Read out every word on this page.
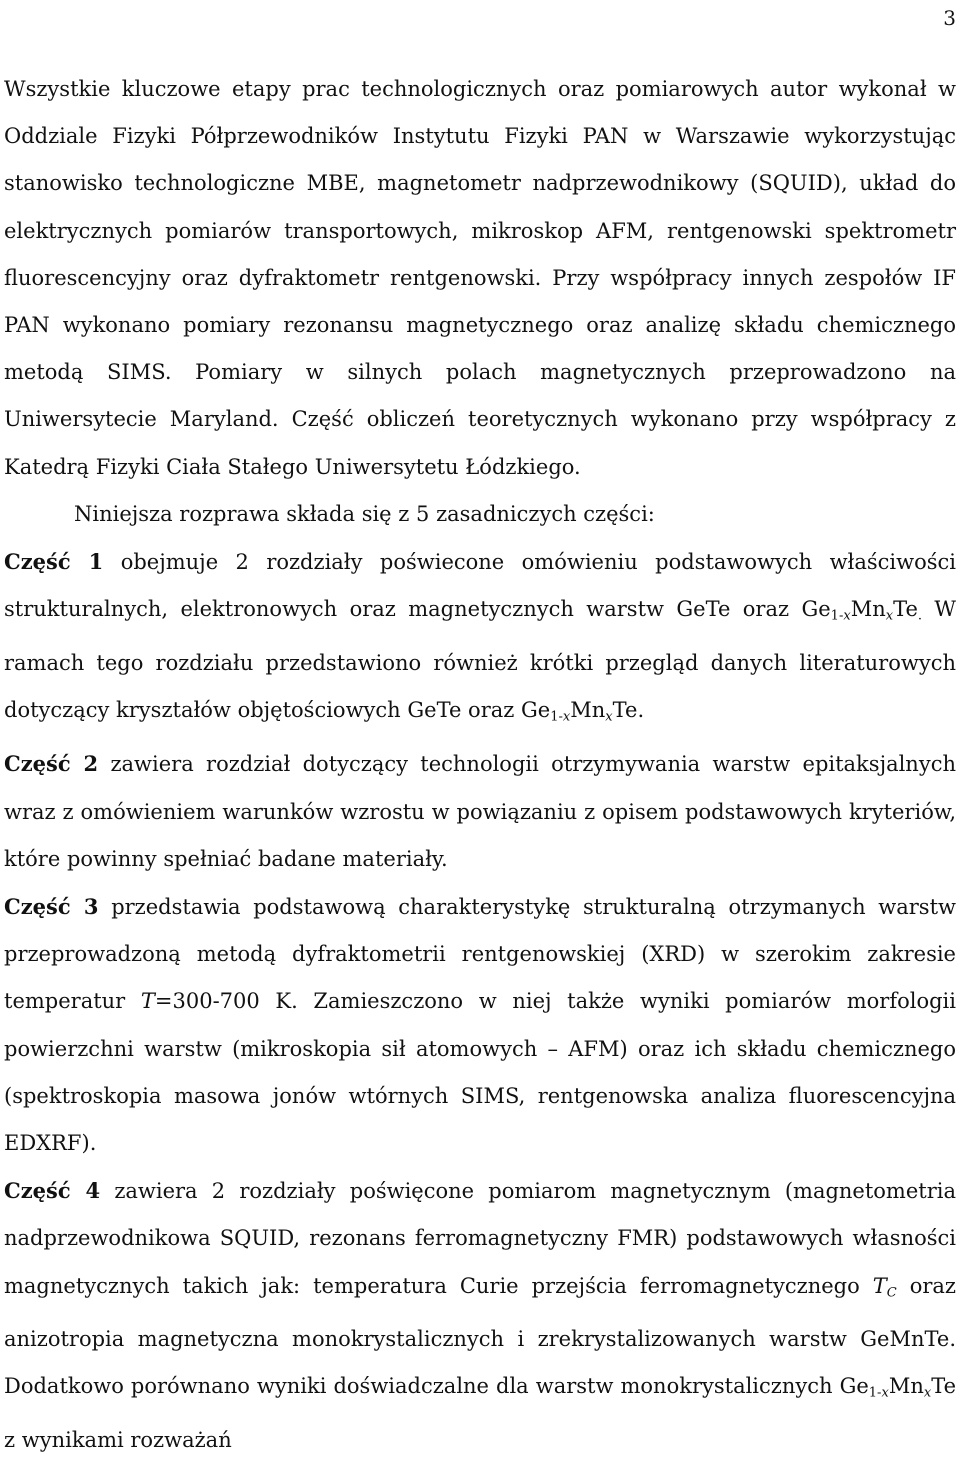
3

Wszystkie kluczowe etapy prac technologicznych oraz pomiarowych autor wykonał w Oddziale Fizyki Półprzewodników Instytutu Fizyki PAN w Warszawie wykorzystując stanowisko technologiczne MBE, magnetometr nadprzewodnikowy (SQUID), układ do elektrycznych pomiarów transportowych, mikroskop AFM, rentgenowski spektrometr fluorescencyjny oraz dyfraktometr rentgenowski. Przy współpracy innych zespołów IF PAN wykonano pomiary rezonansu magnetycznego oraz analizę składu chemicznego metodą SIMS. Pomiary w silnych polach magnetycznych przeprowadzono na Uniwersytecie Maryland. Część obliczeń teoretycznych wykonano przy współpracy z Katedrą Fizyki Ciała Stałego Uniwersytetu Łódzkiego.

Niniejsza rozprawa składa się z 5 zasadniczych części:

Część 1 obejmuje 2 rozdziały poświecone omówieniu podstawowych właściwości strukturalnych, elektronowych oraz magnetycznych warstw GeTe oraz $Ge_{1-x}Mn_xTe_.$ W ramach tego rozdziału przedstawiono również krótki przegląd danych literaturowych dotyczący kryształów objętościowych GeTe oraz $Ge_{1-x}Mn_xTe$.

Część 2 zawiera rozdział dotyczący technologii otrzymywania warstw epitaksjalnych wraz z omówieniem warunków wzrostu w powiązaniu z opisem podstawowych kryteriów, które powinny spełniać badane materiały.

Część 3 przedstawia podstawową charakterystykę strukturalną otrzymanych warstw przeprowadzoną metodą dyfraktometrii rentgenowskiej (XRD) w szerokim zakresie temperatur T=300-700 K. Zamieszczono w niej także wyniki pomiarów morfologii powierzchni warstw (mikroskopia sił atomowych – AFM) oraz ich składu chemicznego (spektroskopia masowa jonów wtórnych SIMS, rentgenowska analiza fluorescencyjna EDXRF).

Część 4 zawiera 2 rozdziały poświęcone pomiarom magnetycznym (magnetometria nadprzewodnikowa SQUID, rezonans ferromagnetyczny FMR) podstawowych własności magnetycznych takich jak: temperatura Curie przejścia ferromagnetycznego $T_C$ oraz anizotropia magnetyczna monokrystalicznych i zrekrystalizowanych warstw GeMnTe. Dodatkowo porównano wyniki doświadczalne dla warstw monokrystalicznych $Ge_{1-x}Mn_xTe$ z wynikami rozważań
